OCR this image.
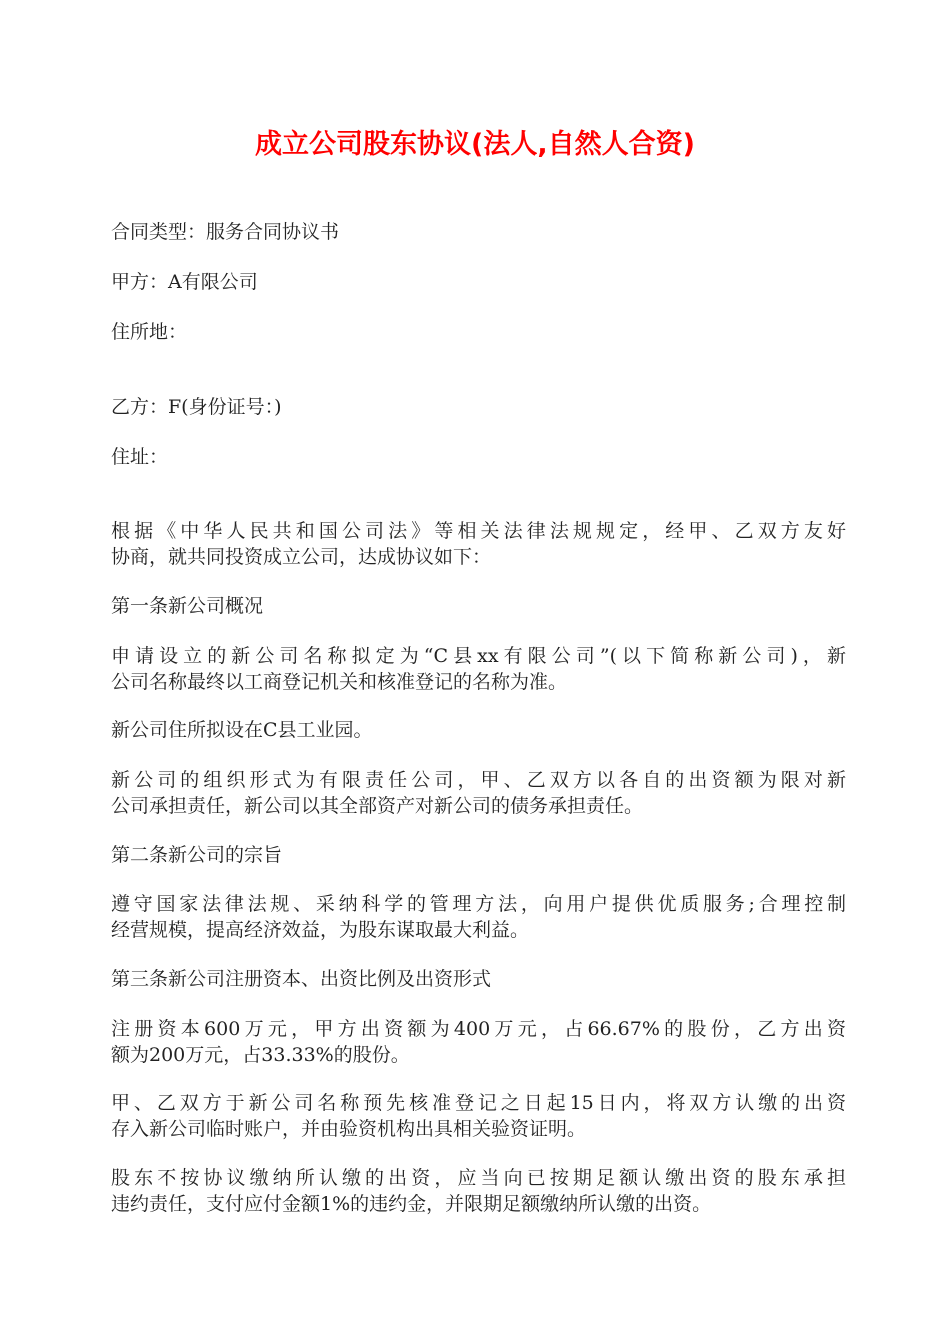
成立公司股东协议(法人,自然人合资)
合同类型：服务合同协议书
甲方：A有限公司
住所地：
乙方：F(身份证号：)
住址：
根据《中华人民共和国公司法》等相关法律法规规定，经甲、乙双方友好
协商，就共同投资成立公司，达成协议如下：
第一条新公司概况
申请设立的新公司名称拟定为“C县xx有限公司”(以下简称新公司)，新
公司名称最终以工商登记机关和核准登记的名称为准。
新公司住所拟设在C县工业园。
新公司的组织形式为有限责任公司，甲、乙双方以各自的出资额为限对新
公司承担责任，新公司以其全部资产对新公司的债务承担责任。
第二条新公司的宗旨
遵守国家法律法规、采纳科学的管理方法，向用户提供优质服务;合理控制
经营规模，提高经济效益，为股东谋取最大利益。
第三条新公司注册资本、出资比例及出资形式
注册资本600万元，甲方出资额为400万元，占66.67%的股份，乙方出资
额为200万元，占33.33%的股份。
甲、乙双方于新公司名称预先核准登记之日起15日内，将双方认缴的出资
存入新公司临时账户，并由验资机构出具相关验资证明。
股东不按协议缴纳所认缴的出资，应当向已按期足额认缴出资的股东承担
违约责任，支付应付金额1%的违约金，并限期足额缴纳所认缴的出资。
